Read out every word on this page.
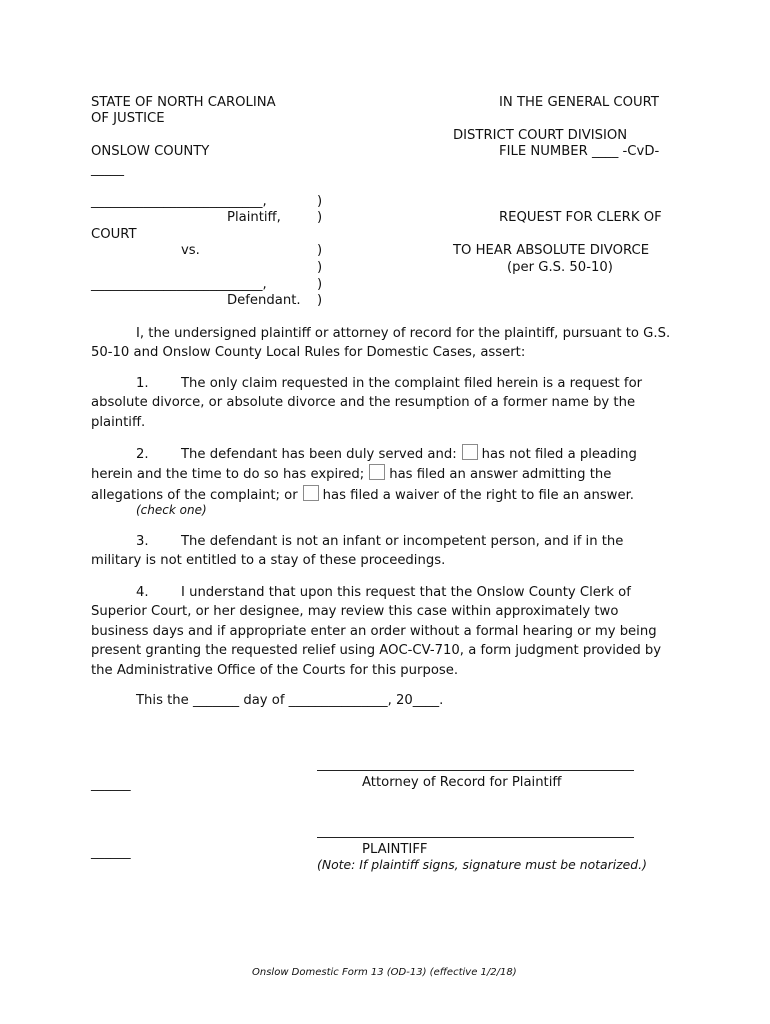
STATE OF NORTH CAROLINA	IN THE GENERAL COURT
OF JUSTICE
DISTRICT COURT DIVISION
ONSLOW COUNTY	FILE NUMBER ____ -CvD-
_____
__________________________,	)
Plaintiff,	)	REQUEST FOR CLERK OF
COURT
vs.	)	TO HEAR ABSOLUTE DIVORCE
)	(per G.S. 50-10)
__________________________,	)
Defendant. )
I, the undersigned plaintiff or attorney of record for the plaintiff, pursuant to G.S. 50-10 and Onslow County Local Rules for Domestic Cases, assert:
1. The only claim requested in the complaint filed herein is a request for absolute divorce, or absolute divorce and the resumption of a former name by the plaintiff.
2. The defendant has been duly served and: has not filed a pleading herein and the time to do so has expired; has filed an answer admitting the allegations of the complaint; or has filed a waiver of the right to file an answer.
(check one)
3. The defendant is not an infant or incompetent person, and if in the military is not entitled to a stay of these proceedings.
4. I understand that upon this request that the Onslow County Clerk of Superior Court, or her designee, may review this case within approximately two business days and if appropriate enter an order without a formal hearing or my being present granting the requested relief using AOC-CV-710, a form judgment provided by the Administrative Office of the Courts for this purpose.
This the _______ day of _______________, 20____.
______	Attorney of Record for Plaintiff
______	PLAINTIFF
(Note: If plaintiff signs, signature must be notarized.)
Onslow Domestic Form 13 (OD-13) (effective 1/2/18)
